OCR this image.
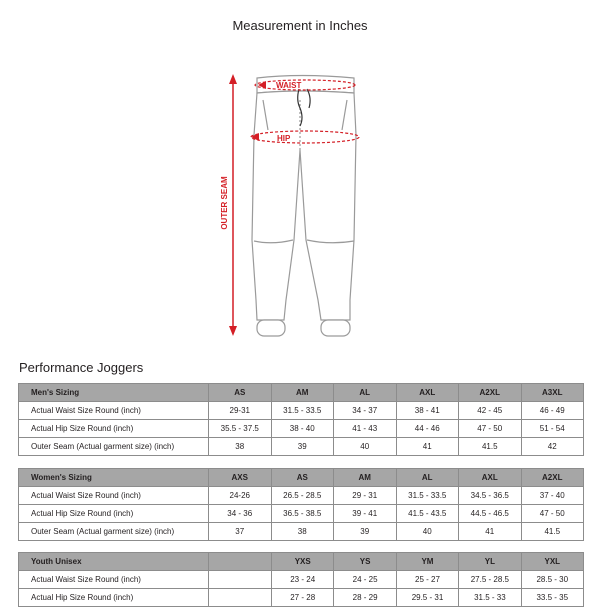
Measurement in Inches
WAIST
HIP
OUTER SEAM
Performance Joggers
Men's Sizing	AS	AM	AL	AXL	A2XL	A3XL
Actual Waist Size Round (inch)	29-31	31.5 - 33.5	34 - 37	38 - 41	42 - 45	46 - 49
Actual Hip Size Round (inch)	35.5 - 37.5	38 - 40	41 - 43	44 - 46	47 - 50	51 - 54
Outer Seam (Actual garment size) (inch)	38	39	40	41	41.5	42
Women's Sizing	AXS	AS	AM	AL	AXL	A2XL
Actual Waist Size Round (inch)	24-26	26.5 - 28.5	29 - 31	31.5 - 33.5	34.5 - 36.5	37 - 40
Actual Hip Size Round (inch)	34 - 36	36.5 - 38.5	39 - 41	41.5 - 43.5	44.5 - 46.5	47 - 50
Outer Seam (Actual garment size) (inch)	37	38	39	40	41	41.5
Youth Unisex		YXS	YS	YM	YL	YXL
Actual Waist Size Round (inch)		23 - 24	24 - 25	25 - 27	27.5 - 28.5	28.5 - 30
Actual Hip Size Round (inch)		27 - 28	28 - 29	29.5 - 31	31.5 - 33	33.5 - 35
